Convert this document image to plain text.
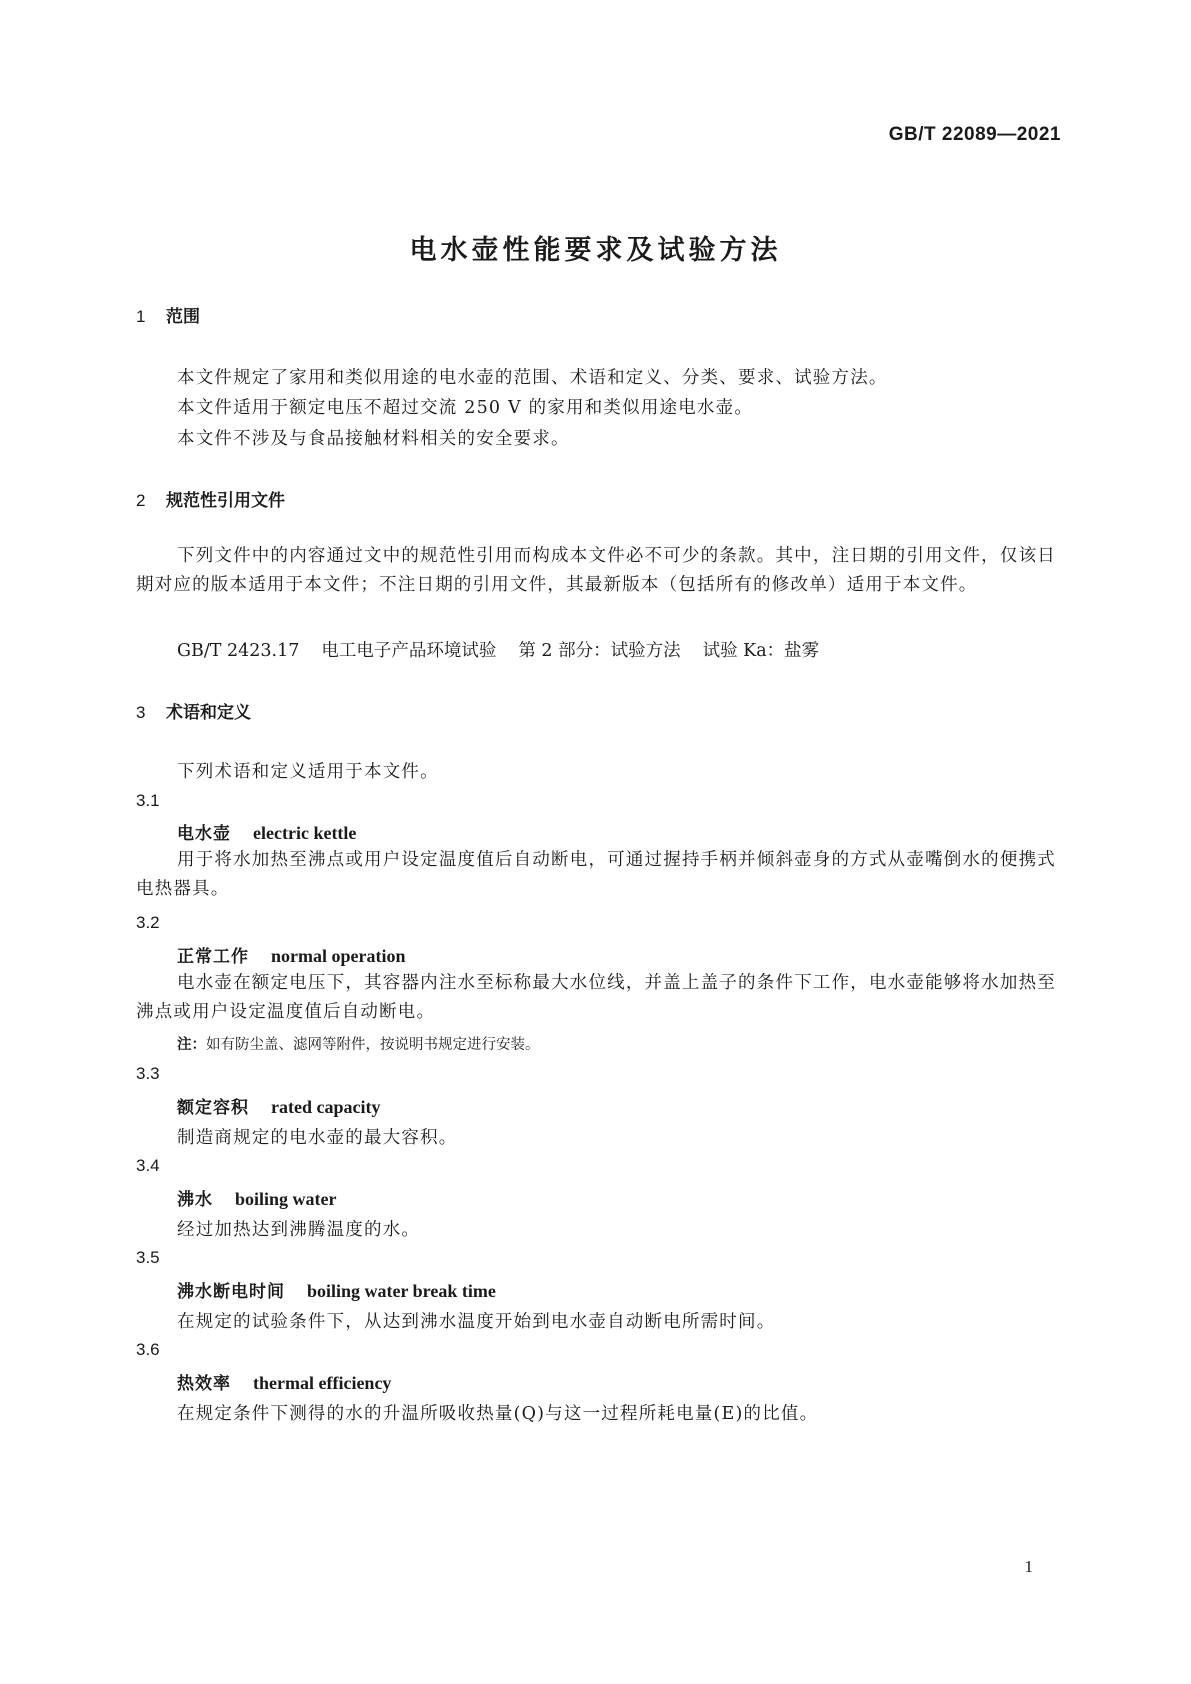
GB/T 22089—2021
电水壶性能要求及试验方法
1 范围
本文件规定了家用和类似用途的电水壶的范围、术语和定义、分类、要求、试验方法。
本文件适用于额定电压不超过交流 250 V 的家用和类似用途电水壶。
本文件不涉及与食品接触材料相关的安全要求。
2 规范性引用文件
下列文件中的内容通过文中的规范性引用而构成本文件必不可少的条款。其中，注日期的引用文件，仅该日期对应的版本适用于本文件；不注日期的引用文件，其最新版本（包括所有的修改单）适用于本文件。
GB/T 2423.17 电工电子产品环境试验 第 2 部分：试验方法 试验 Ka：盐雾
3 术语和定义
下列术语和定义适用于本文件。
3.1
电水壶 electric kettle
用于将水加热至沸点或用户设定温度值后自动断电，可通过握持手柄并倾斜壶身的方式从壶嘴倒水的便携式电热器具。
3.2
正常工作 normal operation
电水壶在额定电压下，其容器内注水至标称最大水位线，并盖上盖子的条件下工作，电水壶能够将水加热至沸点或用户设定温度值后自动断电。
注：如有防尘盖、滤网等附件，按说明书规定进行安装。
3.3
额定容积 rated capacity
制造商规定的电水壶的最大容积。
3.4
沸水 boiling water
经过加热达到沸腾温度的水。
3.5
沸水断电时间 boiling water break time
在规定的试验条件下，从达到沸水温度开始到电水壶自动断电所需时间。
3.6
热效率 thermal efficiency
在规定条件下测得的水的升温所吸收热量(Q)与这一过程所耗电量(E)的比值。
1
